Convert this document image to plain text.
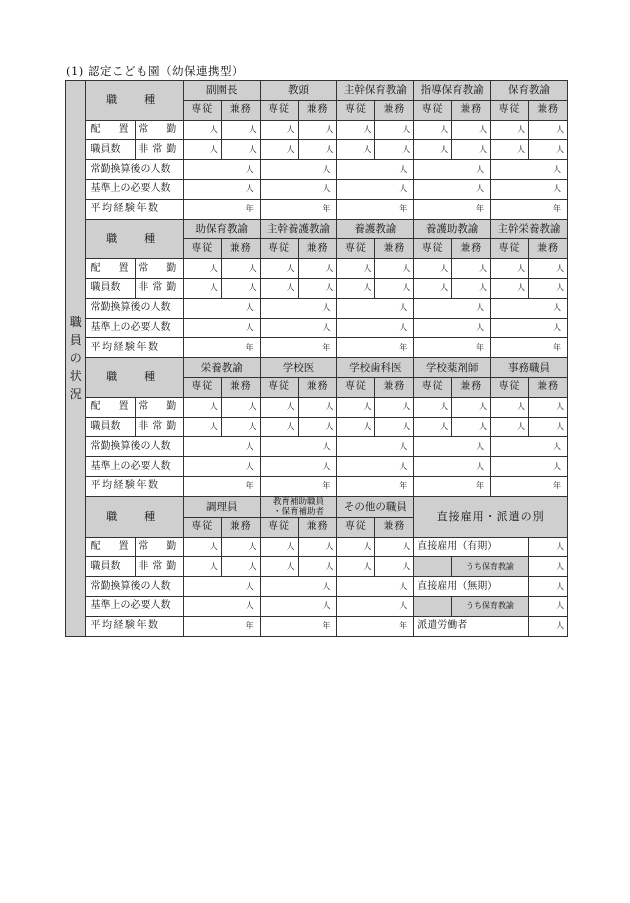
(1) 認定こども園（幼保連携型）
職
員
の
状
況	職　種		副園長		教頭		主幹保育教諭		指導保育教諭		保育教諭	
			専従	兼務	専従	兼務	専従	兼務	専従	兼務	専従	兼務
	配　置	常　勤	人	人	人	人	人	人	人	人	人	人
	職員数	非常勤	人	人	人	人	人	人	人	人	人	人
	常勤換算後の人数		人		人		人		人		人	
	基準上の必要人数		人		人		人		人		人	
	平均経験年数		年		年		年		年		年	
	職　種		助保育教諭		主幹養護教諭		養護教諭		養護助教諭		主幹栄養教諭	
			専従	兼務	専従	兼務	専従	兼務	専従	兼務	専従	兼務
	配　置	常　勤	人	人	人	人	人	人	人	人	人	人
	職員数	非常勤	人	人	人	人	人	人	人	人	人	人
	常勤換算後の人数		人		人		人		人		人	
	基準上の必要人数		人		人		人		人		人	
	平均経験年数		年		年		年		年		年	
	職　種		栄養教諭		学校医		学校歯科医		学校薬剤師		事務職員	
			専従	兼務	専従	兼務	専従	兼務	専従	兼務	専従	兼務
	配　置	常　勤	人	人	人	人	人	人	人	人	人	人
	職員数	非常勤	人	人	人	人	人	人	人	人	人	人
	常勤換算後の人数		人		人		人		人		人	
	基準上の必要人数		人		人		人		人		人	
	平均経験年数		年		年		年		年		年	
	職　種		調理員		教育補助職員
・保育補助者		その他の職員		直接雇用・派遣の別			
			専従	兼務	専従	兼務	専従	兼務				
	配　置	常　勤	人	人	人	人	人	人	直接雇用（有期）			人
	職員数	非常勤	人	人	人	人	人	人		うち保育教諭		人
	常勤換算後の人数		人		人		人		直接雇用（無期）			人
	基準上の必要人数		人		人		人			うち保育教諭		人
	平均経験年数		年		年		年		派遣労働者			人
